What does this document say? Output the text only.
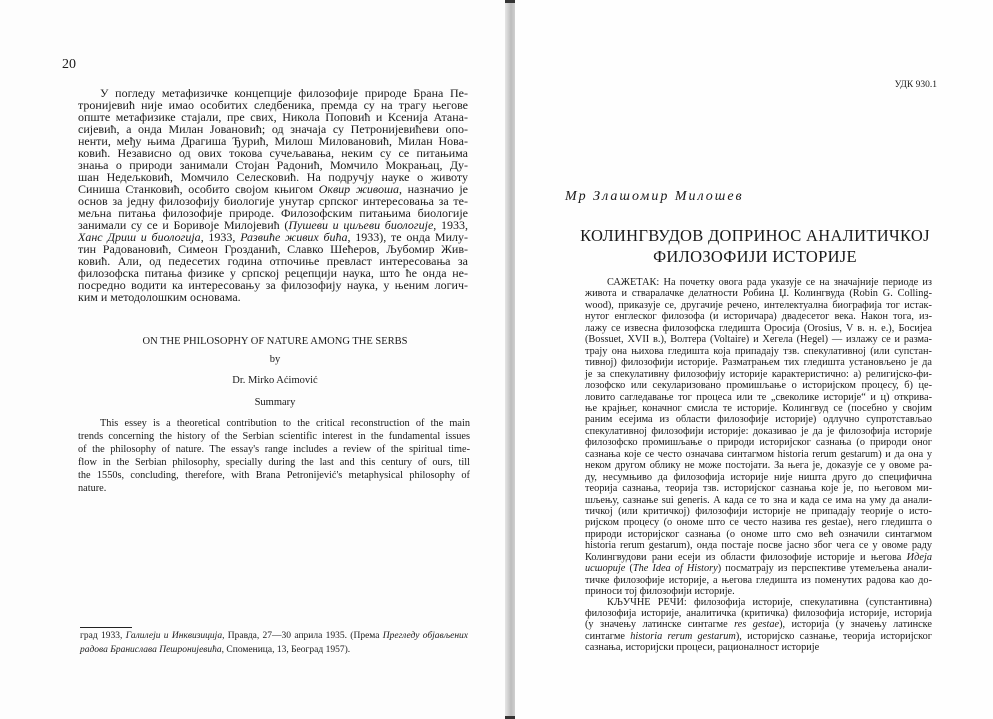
20
У погледу метафизичке концепције филозофије природе Брана Пе-
тронијевић није имао особитих следбеника, премда су на трагу његове
опште метафизике стајали, пре свих, Никола Поповић и Ксенија Атана-
сијевић, а онда Милан Јовановић; од значаја су Петронијевићеви опо-
ненти, међу њима Драгиша Ђурић, Милош Миловановић, Милан Нова-
ковић. Независно од ових токова сучељавања, неким су се питањима
знања о природи занимали Стојан Радонић, Момчило Мокрањац, Ду-
шан Недељковић, Момчило Селесковић. На подручју науке о животу
Синиша Станковић, особито својом књигом Оквир живоша, назначио је
основ за једну филозофију биологије унутар српског интересовања за те-
мељна питања филозофије природе. Филозофским питањима биологије
занимали су се и Боривоје Милојевић (Пушеви и циљеви биологије, 1933,
Ханс Дриш и биологија, 1933, Развиће живих бића, 1933), те онда Милу-
тин Радовановић, Симеон Грозданић, Славко Шећеров, Љубомир Жив-
ковић. Али, од педесетих година отпочиње превласт интересовања за
филозофска питања физике у српској рецепцији наука, што ће онда не-
посредно водити ка интересовању за филозофију наука, у њеним логич-
ким и методолошким основама.
ON THE PHILOSOPHY OF NATURE AMONG THE SERBS
by
Dr. Mirko Aćimović
Summary
This essey is a theoretical contribution to the critical reconstruction of the main
trends concerning the history of the Serbian scientific interest in the fundamental issues
of the philosophy of nature. The essay's range includes a review of the spiritual time-
flow in the Serbian philosophy, specially during the last and this century of ours, till
the 1550s, concluding, therefore, with Brana Petronijević's metaphysical philosophy of
nature.
град 1933, Галилеји и Инквизиција, Правда, 27—30 априла 1935. (Према Прегледу објављених
радова Бранислава Пешронијевића, Споменица, 13, Београд 1957).
УДК 930.1
Мр Злашомир Милошев
КОЛИНГВУДОВ ДОПРИНОС АНАЛИТИЧКОЈ
ФИЛОЗОФИЈИ ИСТОРИЈЕ
САЖЕТАК: На почетку овога рада указује се на значајније периоде из
живота и стваралачке делатности Робина Џ. Колингвуда (Robin G. Colling-
wood), приказује се, другачије речено, интелектуална биографија тог истак-
нутог енглеског филозофа (и историчара) двадесетог века. Након тога, из-
лажу се извесна филозофска гледишта Оросија (Orosius, V в. н. е.), Босијеа
(Bossuet, XVII в.), Волтера (Voltaire) и Хегела (Hegel) — излажу се и разма-
трају она њихова гледишта која припадају тзв. спекулативној (или супстан-
тивној) филозофији историје. Разматрањем тих гледишта установљено је да
је за спекулативну филозофију историје карактеристично: а) религијско-фи-
лозофско или секуларизовано промишљање о историјском процесу, б) це-
ловито сагледавање тог процеса или те „свеколике историје“ и ц) открива-
ње крајњег, коначног смисла те историје. Колингвуд се (посебно у својим
раним есејима из области филозофије историје) одлучно супротстављао
спекулативној филозофији историје: доказивао је да је филозофија историје
филозофско промишљање о природи историјског сазнања (о природи оног
сазнања које се често означава синтагмом historia rerum gestarum) и да она у
неком другом облику не може постојати. За њега је, доказује се у овоме ра-
ду, несумњиво да филозофија историје није ништа друго до специфична
теорија сазнања, теорија тзв. историјског сазнања које је, по његовом ми-
шљењу, сазнање sui generis. А када се то зна и када се има на уму да анали-
тичкој (или критичкој) филозофији историје не припадају теорије о исто-
ријском процесу (о ономе што се често назива res gestae), него гледишта о
природи историјског сазнања (о ономе што смо већ означили синтагмом
historia rerum gestarum), онда постаје посве јасно због чега се у овоме раду
Колингвудови рани есеји из области филозофије историје и његова Идеја
исшорије (The Idea of History) посматрају из перспективе утемељења анали-
тичке филозофије историје, а његова гледишта из поменутих радова као до-
приноси тој филозофији историје.
КЉУЧНЕ РЕЧИ: филозофија историје, спекулативна (супстантивна)
филозофија историје, аналитичка (критичка) филозофија историје, историја
(у значењу латинске синтагме res gestae), историја (у значењу латинске
синтагме historia rerum gestarum), историјско сазнање, теорија историјског
сазнања, историјски процеси, рационалност историје
